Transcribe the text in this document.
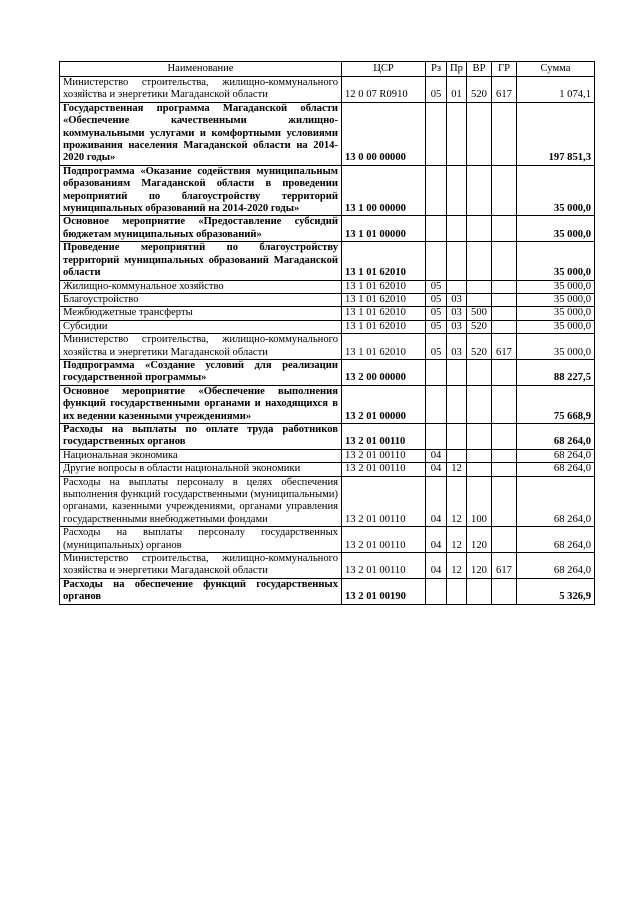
Наименование	ЦСР	Рз	Пр	ВР	ГР	Сумма
Министерство строительства, жилищно-коммунального хозяйства и энергетики Магаданской области	12 0 07 R0910	05	01	520	617	1 074,1
Государственная программа Магаданской области «Обеспечение качественными жилищно-коммунальными услугами и комфортными условиями проживания населения Магаданской области на 2014-2020 годы»	13 0 00 00000					197 851,3
Подпрограмма «Оказание содействия муниципальным образованиям Магаданской области в проведении мероприятий по благоустройству территорий муниципальных образований на 2014-2020 годы»	13 1 00 00000					35 000,0
Основное мероприятие «Предоставление субсидий бюджетам муниципальных образований»	13 1 01 00000					35 000,0
Проведение мероприятий по благоустройству территорий муниципальных образований Магаданской области	13 1 01 62010					35 000,0
Жилищно-коммунальное хозяйство	13 1 01 62010	05				35 000,0
Благоустройство	13 1 01 62010	05	03			35 000,0
Межбюджетные трансферты	13 1 01 62010	05	03	500		35 000,0
Субсидии	13 1 01 62010	05	03	520		35 000,0
Министерство строительства, жилищно-коммунального хозяйства и энергетики Магаданской области	13 1 01 62010	05	03	520	617	35 000,0
Подпрограмма «Создание условий для реализации государственной программы»	13 2 00 00000					88 227,5
Основное мероприятие «Обеспечение выполнения функций государственными органами и находящихся в их ведении казенными учреждениями»	13 2 01 00000					75 668,9
Расходы на выплаты по оплате труда работников государственных органов	13 2 01 00110					68 264,0
Национальная экономика	13 2 01 00110	04				68 264,0
Другие вопросы в области национальной экономики	13 2 01 00110	04	12			68 264,0
Расходы на выплаты персоналу в целях обеспечения выполнения функций государственными (муниципальными) органами, казенными учреждениями, органами управления государственными внебюджетными фондами	13 2 01 00110	04	12	100		68 264,0
Расходы на выплаты персоналу государственных (муниципальных) органов	13 2 01 00110	04	12	120		68 264,0
Министерство строительства, жилищно-коммунального хозяйства и энергетики Магаданской области	13 2 01 00110	04	12	120	617	68 264,0
Расходы на обеспечение функций государственных органов	13 2 01 00190					5 326,9
